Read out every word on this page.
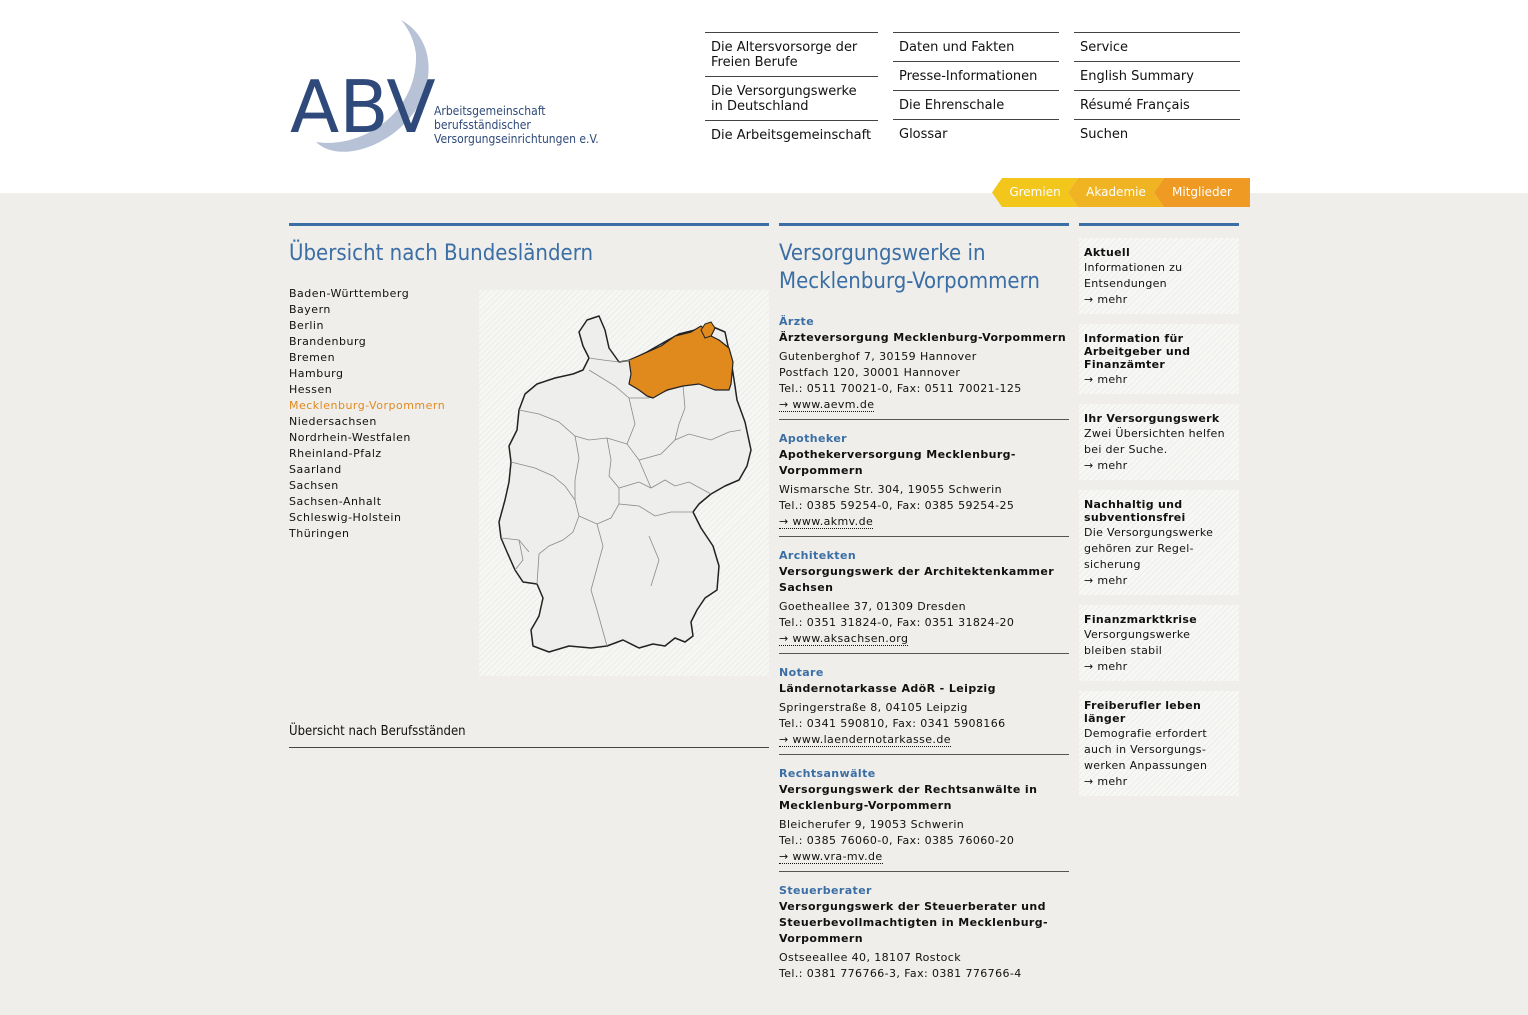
ABV
Arbeitsgemeinschaft
berufsständischer
Versorgungseinrichtungen e.V.
Die Altersvorsorge der Freien Berufe
Die Versorgungswerke in Deutschland
Die Arbeitsgemeinschaft
Daten und Fakten
Presse-Informationen
Die Ehrenschale
Glossar
Service
English Summary
Résumé Français
Suchen
Gremien	Akademie	Mitglieder
Übersicht nach Bundesländern
Baden-Württemberg
Bayern
Berlin
Brandenburg
Bremen
Hamburg
Hessen
Mecklenburg-Vorpommern
Niedersachsen
Nordrhein-Westfalen
Rheinland-Pfalz
Saarland
Sachsen
Sachsen-Anhalt
Schleswig-Holstein
Thüringen
Übersicht nach Berufsständen
Versorgungswerke in
Mecklenburg-Vorpommern
Ärzte
Ärzteversorgung Mecklenburg-Vorpommern
Gutenberghof 7, 30159 Hannover
Postfach 120, 30001 Hannover
Tel.: 0511 70021-0, Fax: 0511 70021-125
→ www.aevm.de
Apotheker
Apothekerversorgung Mecklenburg-Vorpommern
Wismarsche Str. 304, 19055 Schwerin
Tel.: 0385 59254-0, Fax: 0385 59254-25
→ www.akmv.de
Architekten
Versorgungswerk der Architektenkammer Sachsen
Goetheallee 37, 01309 Dresden
Tel.: 0351 31824-0, Fax: 0351 31824-20
→ www.aksachsen.org
Notare
Ländernotarkasse AdöR - Leipzig
Springerstraße 8, 04105 Leipzig
Tel.: 0341 590810, Fax: 0341 5908166
→ www.laendernotarkasse.de
Rechtsanwälte
Versorgungswerk der Rechtsanwälte in Mecklenburg-Vorpommern
Bleicherufer 9, 19053 Schwerin
Tel.: 0385 76060-0, Fax: 0385 76060-20
→ www.vra-mv.de
Steuerberater
Versorgungswerk der Steuerberater und Steuerbevollmachtigten in Mecklenburg-Vorpommern
Ostseeallee 40, 18107 Rostock
Tel.: 0381 776766-3, Fax: 0381 776766-4
Aktuell
Informationen zu Entsendungen
→ mehr
Information für Arbeitgeber und Finanzämter
→ mehr
Ihr Versorgungswerk
Zwei Übersichten helfen bei der Suche.
→ mehr
Nachhaltig und subventionsfrei
Die Versorgungswerke gehören zur Regel-sicherung
→ mehr
Finanzmarktkrise
Versorgungswerke bleiben stabil
→ mehr
Freiberufler leben länger
Demografie erfordert auch in Versorgungs-werken Anpassungen
→ mehr
